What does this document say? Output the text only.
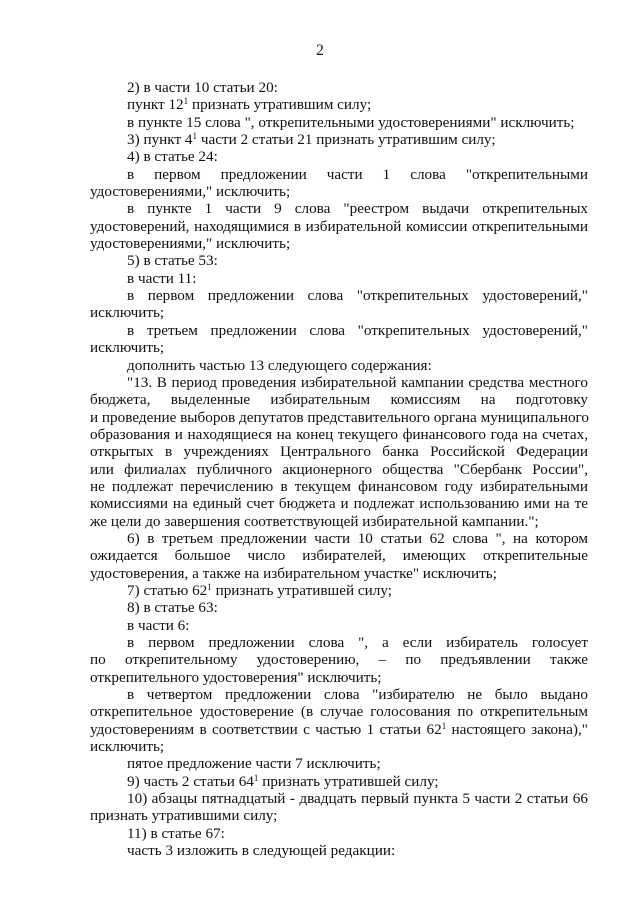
2
2) в части 10 статьи 20:
пункт $12^1$ признать утратившим силу;
в пункте 15 слова ", открепительными удостоверениями" исключить;
3) пункт $4^1$ части 2 статьи 21 признать утратившим силу;
4) в статье 24:
в первом предложении части 1 слова "открепительными
удостоверениями," исключить;
в пункте 1 части 9 слова "реестром выдачи открепительных
удостоверений, находящимися в избирательной комиссии открепительными
удостоверениями," исключить;
5) в статье 53:
в части 11:
в первом предложении слова "открепительных удостоверений,"
исключить;
в третьем предложении слова "открепительных удостоверений,"
исключить;
дополнить частью 13 следующего содержания:
"13. В период проведения избирательной кампании средства местного
бюджета, выделенные избирательным комиссиям на подготовку
и проведение выборов депутатов представительного органа муниципального
образования и находящиеся на конец текущего финансового года на счетах,
открытых в учреждениях Центрального банка Российской Федерации
или филиалах публичного акционерного общества "Сбербанк России",
не подлежат перечислению в текущем финансовом году избирательными
комиссиями на единый счет бюджета и подлежат использованию ими на те
же цели до завершения соответствующей избирательной кампании.";
6) в третьем предложении части 10 статьи 62 слова ", на котором
ожидается большое число избирателей, имеющих открепительные
удостоверения, а также на избирательном участке" исключить;
7) статью $62^1$ признать утратившей силу;
8) в статье 63:
в части 6:
в первом предложении слова ", а если избиратель голосует
по открепительному удостоверению, – по предъявлении также
открепительного удостоверения" исключить;
в четвертом предложении слова "избирателю не было выдано
открепительное удостоверение (в случае голосования по открепительным
удостоверениям в соответствии с частью 1 статьи $62^1$ настоящего закона),"
исключить;
пятое предложение части 7 исключить;
9) часть 2 статьи $64^1$ признать утратившей силу;
10) абзацы пятнадцатый - двадцать первый пункта 5 части 2 статьи 66
признать утратившими силу;
11) в статье 67:
часть 3 изложить в следующей редакции:
